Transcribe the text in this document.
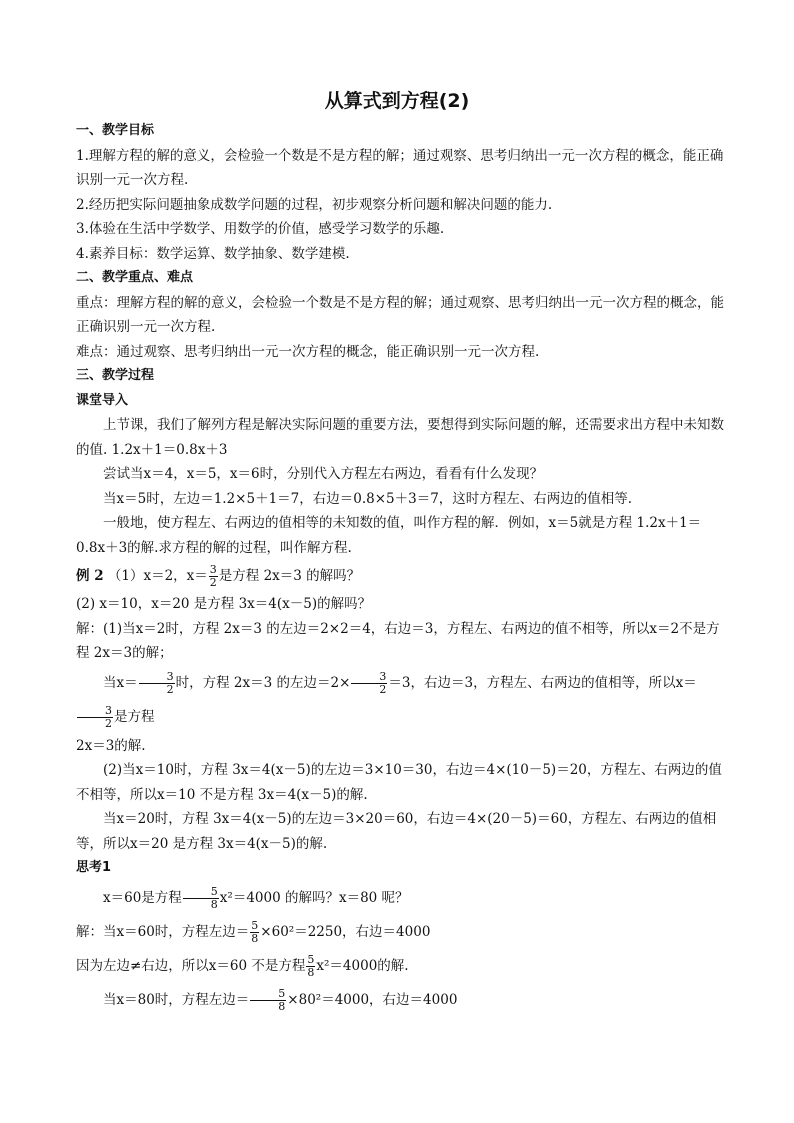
从算式到方程(2)

一、教学目标

1.理解方程的解的意义，会检验一个数是不是方程的解；通过观察、思考归纳出一元一次方程的概念，能正确识别一元一次方程.

2.经历把实际问题抽象成数学问题的过程，初步观察分析问题和解决问题的能力.

3.体验在生活中学数学、用数学的价值，感受学习数学的乐趣.

4.素养目标：数学运算、数学抽象、数学建模.

二、教学重点、难点

重点：理解方程的解的意义，会检验一个数是不是方程的解；通过观察、思考归纳出一元一次方程的概念，能正确识别一元一次方程.

难点：通过观察、思考归纳出一元一次方程的概念，能正确识别一元一次方程.

三、教学过程

课堂导入

上节课，我们了解列方程是解决实际问题的重要方法，要想得到实际问题的解，还需要求出方程中未知数的值. 1.2x＋1＝0.8x＋3

尝试当x＝4，x＝5，x＝6时，分别代入方程左右两边，看看有什么发现？

当x＝5时，左边＝1.2×5＋1＝7，右边＝0.8×5＋3＝7，这时方程左、右两边的值相等.

一般地，使方程左、右两边的值相等的未知数的值，叫作方程的解．例如，x＝5就是方程 1.2x＋1＝0.8x＋3的解.求方程的解的过程，叫作解方程.

例 2 （1）x＝2，$x= \frac{3}{2}$ 是方程 2x＝3 的解吗？

(2) x＝10，x＝20 是方程 3x＝4(x－5)的解吗？

解：(1)当x＝2时，方程 2x＝3 的左边＝2×2＝4，右边＝3，方程左、右两边的值不相等，所以x＝2不是方程 2x＝3的解；

当$x= \frac{3}{2}$ 时，方程 2x＝3 的左边$=2\times \frac{3}{2} =3$，右边＝3，方程左、右两边的值相等，所以x＝
$\frac{3}{2}$ 是方程

2x＝3的解.

(2)当x＝10时，方程 3x＝4(x－5)的左边＝3×10＝30，右边＝4×(10－5)＝20，方程左、右两边的值不相等，所以x＝10 不是方程 3x＝4(x－5)的解.

当x＝20时，方程 3x＝4(x－5)的左边＝3×20＝60，右边＝4×(20－5)＝60，方程左、右两边的值相等，所以x＝20 是方程 3x＝4(x－5)的解.

思考1

x＝60是方程 $\frac{5}{8} x^2=4000$ 的解吗？x＝80 呢？

解：当x＝60时，方程左边＝ $\frac{5}{8} \times 60^2=2250$，右边＝4000

因为左边≠右边，所以x＝60 不是方程 $\frac{5}{8} x^2=4000$的解.

当x＝80时，方程左边＝ $\frac{5}{8} \times 80^2=4000$，右边＝4000
